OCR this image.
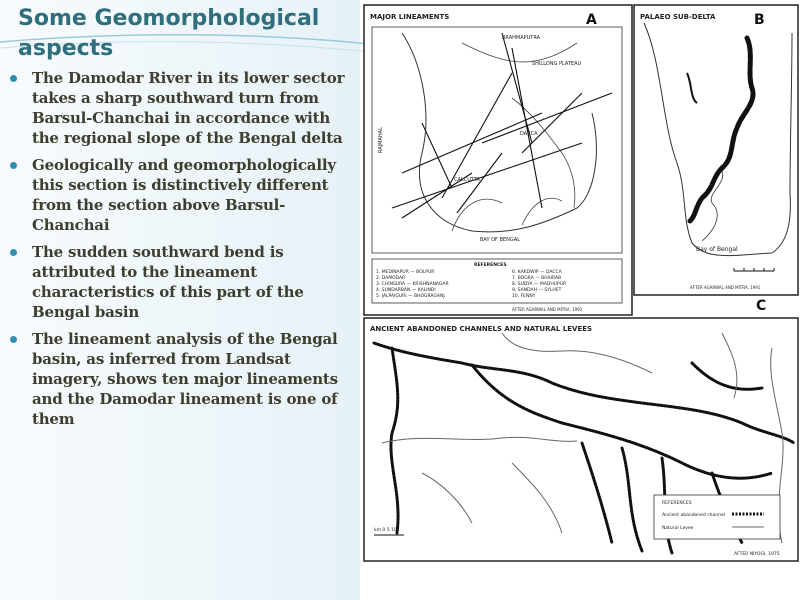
Some Geomorphological aspects
The Damodar River in its lower sector takes a sharp southward turn from Barsul-Chanchai in accordance with the regional slope of the Bengal delta
Geologically and geomorphologically this section is distinctively different from the section above Barsul-Chanchai
The sudden southward bend is attributed to the lineament characteristics of this part of the Bengal basin
The lineament analysis of the Bengal basin, as inferred from Landsat imagery, shows ten major lineaments and the Damodar lineament is one of them
MAJOR LINEAMENTS	A
BRAHMAPUTRA
SHILLONG PLATEAU
DACCA
CALCUTTA
BAY OF BENGAL
RAJMAHAL
REFERENCES
1. MEDINAPUR — BOLPUR
2. DAMODAR
3. CHINSURA — KRISHNANAGAR
4. SUNDARBAN — KALINDI
5. JALPAIGURI — BHOGRAGANJ
6. KAKDWIP — DACCA
7. BOGRA — BHAIRAB
8. SUDYA — MADHUPUR
9. SANDAH — SYLHET
10. FENNY
AFTER AGARWAL AND MITRA, 1991
PALAEO SUB-DELTA	B
Bay of Bengal
AFTER AGARWAL AND MITRA, 1991
C
ANCIENT ABANDONED CHANNELS AND NATURAL LEVEES
REFERENCES
Ancient abandoned channel
Natural Levee
km 0 5 10
AFTER NIYOGI, 1975
